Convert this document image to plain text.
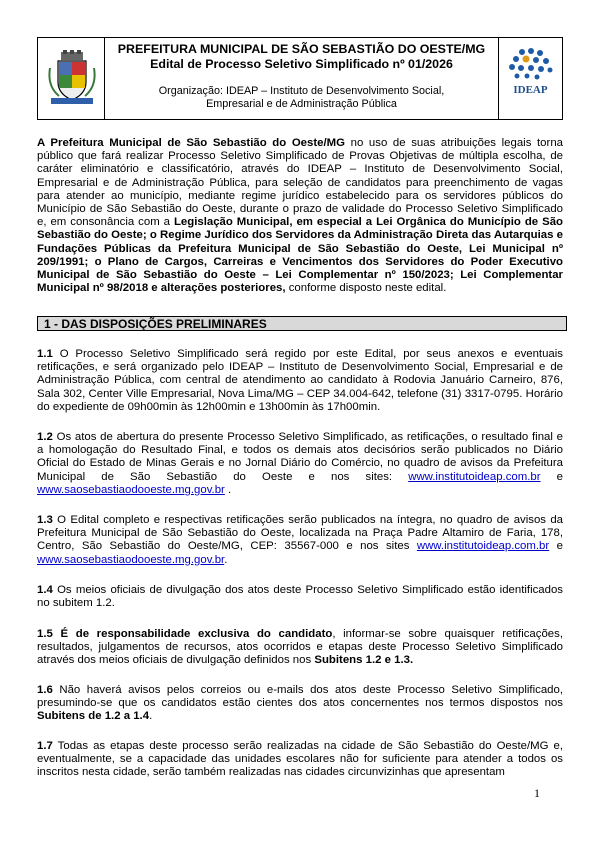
PREFEITURA MUNICIPAL DE SÃO SEBASTIÃO DO OESTE/MG
Edital de Processo Seletivo Simplificado nº 01/2026
Organização: IDEAP – Instituto de Desenvolvimento Social,
Empresarial e de Administração Pública
IDEAP
A Prefeitura Municipal de São Sebastião do Oeste/MG no uso de suas atribuições legais torna público que fará realizar Processo Seletivo Simplificado de Provas Objetivas de múltipla escolha, de caráter eliminatório e classificatório, através do IDEAP – Instituto de Desenvolvimento Social, Empresarial e de Administração Pública, para seleção de candidatos para preenchimento de vagas para atender ao município, mediante regime jurídico estabelecido para os servidores públicos do Município de São Sebastião do Oeste, durante o prazo de validade do Processo Seletivo Simplificado e, em consonância com a Legislação Municipal, em especial a Lei Orgânica do Município de São Sebastião do Oeste; o Regime Jurídico dos Servidores da Administração Direta das Autarquias e Fundações Públicas da Prefeitura Municipal de São Sebastião do Oeste, Lei Municipal nº 209/1991; o Plano de Cargos, Carreiras e Vencimentos dos Servidores do Poder Executivo Municipal de São Sebastião do Oeste – Lei Complementar nº 150/2023; Lei Complementar Municipal nº 98/2018 e alterações posteriores, conforme disposto neste edital.
1 - DAS DISPOSIÇÕES PRELIMINARES
1.1 O Processo Seletivo Simplificado será regido por este Edital, por seus anexos e eventuais retificações, e será organizado pelo IDEAP – Instituto de Desenvolvimento Social, Empresarial e de Administração Pública, com central de atendimento ao candidato à Rodovia Januário Carneiro, 876, Sala 302, Center Ville Empresarial, Nova Lima/MG – CEP 34.004-642, telefone (31) 3317-0795. Horário do expediente de 09h00min às 12h00min e 13h00min às 17h00min.
1.2 Os atos de abertura do presente Processo Seletivo Simplificado, as retificações, o resultado final e a homologação do Resultado Final, e todos os demais atos decisórios serão publicados no Diário Oficial do Estado de Minas Gerais e no Jornal Diário do Comércio, no quadro de avisos da Prefeitura Municipal de São Sebastião do Oeste e nos sites: www.institutoideap.com.br e www.saosebastiaodooeste.mg.gov.br .
1.3 O Edital completo e respectivas retificações serão publicados na íntegra, no quadro de avisos da Prefeitura Municipal de São Sebastião do Oeste, localizada na Praça Padre Altamiro de Faria, 178, Centro, São Sebastião do Oeste/MG, CEP: 35567-000 e nos sites www.institutoideap.com.br e www.saosebastiaodooeste.mg.gov.br.
1.4 Os meios oficiais de divulgação dos atos deste Processo Seletivo Simplificado estão identificados no subitem 1.2.
1.5 É de responsabilidade exclusiva do candidato, informar-se sobre quaisquer retificações, resultados, julgamentos de recursos, atos ocorridos e etapas deste Processo Seletivo Simplificado através dos meios oficiais de divulgação definidos nos Subitens 1.2 e 1.3.
1.6 Não haverá avisos pelos correios ou e-mails dos atos deste Processo Seletivo Simplificado, presumindo-se que os candidatos estão cientes dos atos concernentes nos termos dispostos nos Subitens de 1.2 a 1.4.
1.7 Todas as etapas deste processo serão realizadas na cidade de São Sebastião do Oeste/MG e, eventualmente, se a capacidade das unidades escolares não for suficiente para atender a todos os inscritos nesta cidade, serão também realizadas nas cidades circunvizinhas que apresentam
1
